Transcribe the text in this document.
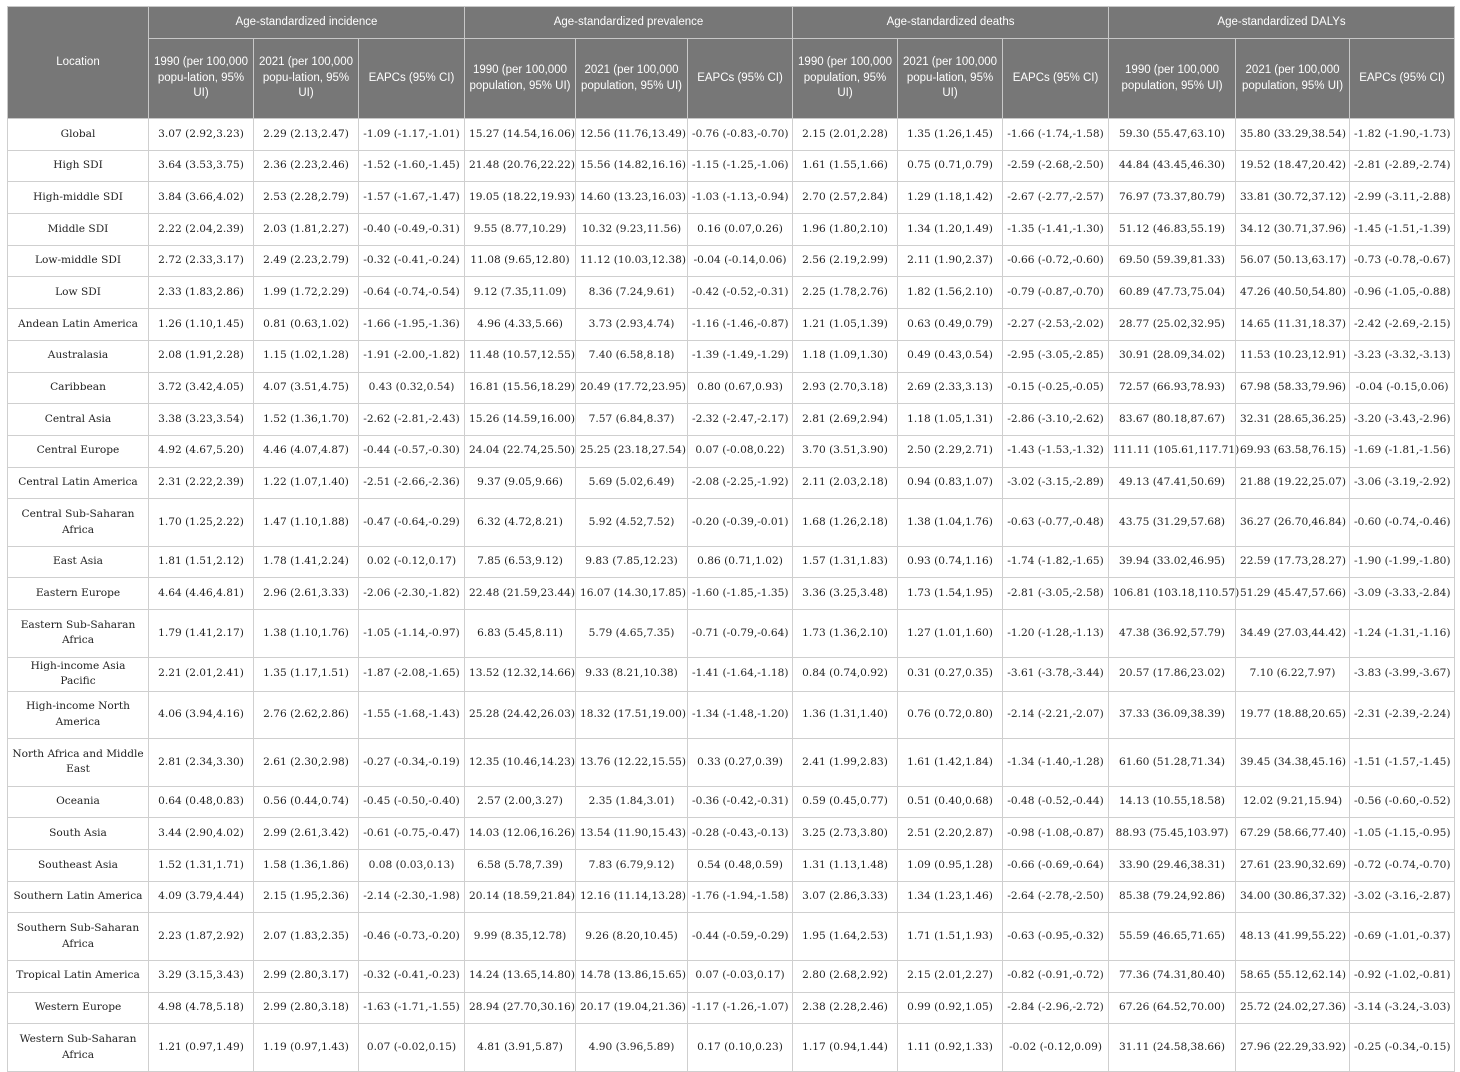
Location	Age-standardized incidence			Age-standardized prevalence			Age-standardized deaths			Age-standardized DALYs		
	1990 (per 100,000 popu-lation, 95% UI)	2021 (per 100,000 popu-lation, 95% UI)	EAPCs (95% CI)	1990 (per 100,000 population, 95% UI)	2021 (per 100,000 population, 95% UI)	EAPCs (95% CI)	1990 (per 100,000 population, 95% UI)	2021 (per 100,000 popu-lation, 95% UI)	EAPCs (95% CI)	1990 (per 100,000 population, 95% UI)	2021 (per 100,000 population, 95% UI)	EAPCs (95% CI)
Global	3.07 (2.92,3.23)	2.29 (2.13,2.47)	-1.09 (-1.17,-1.01)	15.27 (14.54,16.06)	12.56 (11.76,13.49)	-0.76 (-0.83,-0.70)	2.15 (2.01,2.28)	1.35 (1.26,1.45)	-1.66 (-1.74,-1.58)	59.30 (55.47,63.10)	35.80 (33.29,38.54)	-1.82 (-1.90,-1.73)
High SDI	3.64 (3.53,3.75)	2.36 (2.23,2.46)	-1.52 (-1.60,-1.45)	21.48 (20.76,22.22)	15.56 (14.82,16.16)	-1.15 (-1.25,-1.06)	1.61 (1.55,1.66)	0.75 (0.71,0.79)	-2.59 (-2.68,-2.50)	44.84 (43.45,46.30)	19.52 (18.47,20.42)	-2.81 (-2.89,-2.74)
High-middle SDI	3.84 (3.66,4.02)	2.53 (2.28,2.79)	-1.57 (-1.67,-1.47)	19.05 (18.22,19.93)	14.60 (13.23,16.03)	-1.03 (-1.13,-0.94)	2.70 (2.57,2.84)	1.29 (1.18,1.42)	-2.67 (-2.77,-2.57)	76.97 (73.37,80.79)	33.81 (30.72,37.12)	-2.99 (-3.11,-2.88)
Middle SDI	2.22 (2.04,2.39)	2.03 (1.81,2.27)	-0.40 (-0.49,-0.31)	9.55 (8.77,10.29)	10.32 (9.23,11.56)	0.16 (0.07,0.26)	1.96 (1.80,2.10)	1.34 (1.20,1.49)	-1.35 (-1.41,-1.30)	51.12 (46.83,55.19)	34.12 (30.71,37.96)	-1.45 (-1.51,-1.39)
Low-middle SDI	2.72 (2.33,3.17)	2.49 (2.23,2.79)	-0.32 (-0.41,-0.24)	11.08 (9.65,12.80)	11.12 (10.03,12.38)	-0.04 (-0.14,0.06)	2.56 (2.19,2.99)	2.11 (1.90,2.37)	-0.66 (-0.72,-0.60)	69.50 (59.39,81.33)	56.07 (50.13,63.17)	-0.73 (-0.78,-0.67)
Low SDI	2.33 (1.83,2.86)	1.99 (1.72,2.29)	-0.64 (-0.74,-0.54)	9.12 (7.35,11.09)	8.36 (7.24,9.61)	-0.42 (-0.52,-0.31)	2.25 (1.78,2.76)	1.82 (1.56,2.10)	-0.79 (-0.87,-0.70)	60.89 (47.73,75.04)	47.26 (40.50,54.80)	-0.96 (-1.05,-0.88)
Andean Latin America	1.26 (1.10,1.45)	0.81 (0.63,1.02)	-1.66 (-1.95,-1.36)	4.96 (4.33,5.66)	3.73 (2.93,4.74)	-1.16 (-1.46,-0.87)	1.21 (1.05,1.39)	0.63 (0.49,0.79)	-2.27 (-2.53,-2.02)	28.77 (25.02,32.95)	14.65 (11.31,18.37)	-2.42 (-2.69,-2.15)
Australasia	2.08 (1.91,2.28)	1.15 (1.02,1.28)	-1.91 (-2.00,-1.82)	11.48 (10.57,12.55)	7.40 (6.58,8.18)	-1.39 (-1.49,-1.29)	1.18 (1.09,1.30)	0.49 (0.43,0.54)	-2.95 (-3.05,-2.85)	30.91 (28.09,34.02)	11.53 (10.23,12.91)	-3.23 (-3.32,-3.13)
Caribbean	3.72 (3.42,4.05)	4.07 (3.51,4.75)	0.43 (0.32,0.54)	16.81 (15.56,18.29)	20.49 (17.72,23.95)	0.80 (0.67,0.93)	2.93 (2.70,3.18)	2.69 (2.33,3.13)	-0.15 (-0.25,-0.05)	72.57 (66.93,78.93)	67.98 (58.33,79.96)	-0.04 (-0.15,0.06)
Central Asia	3.38 (3.23,3.54)	1.52 (1.36,1.70)	-2.62 (-2.81,-2.43)	15.26 (14.59,16.00)	7.57 (6.84,8.37)	-2.32 (-2.47,-2.17)	2.81 (2.69,2.94)	1.18 (1.05,1.31)	-2.86 (-3.10,-2.62)	83.67 (80.18,87.67)	32.31 (28.65,36.25)	-3.20 (-3.43,-2.96)
Central Europe	4.92 (4.67,5.20)	4.46 (4.07,4.87)	-0.44 (-0.57,-0.30)	24.04 (22.74,25.50)	25.25 (23.18,27.54)	0.07 (-0.08,0.22)	3.70 (3.51,3.90)	2.50 (2.29,2.71)	-1.43 (-1.53,-1.32)	111.11 (105.61,117.71)	69.93 (63.58,76.15)	-1.69 (-1.81,-1.56)
Central Latin America	2.31 (2.22,2.39)	1.22 (1.07,1.40)	-2.51 (-2.66,-2.36)	9.37 (9.05,9.66)	5.69 (5.02,6.49)	-2.08 (-2.25,-1.92)	2.11 (2.03,2.18)	0.94 (0.83,1.07)	-3.02 (-3.15,-2.89)	49.13 (47.41,50.69)	21.88 (19.22,25.07)	-3.06 (-3.19,-2.92)
Central Sub-Saharan Africa	1.70 (1.25,2.22)	1.47 (1.10,1.88)	-0.47 (-0.64,-0.29)	6.32 (4.72,8.21)	5.92 (4.52,7.52)	-0.20 (-0.39,-0.01)	1.68 (1.26,2.18)	1.38 (1.04,1.76)	-0.63 (-0.77,-0.48)	43.75 (31.29,57.68)	36.27 (26.70,46.84)	-0.60 (-0.74,-0.46)
East Asia	1.81 (1.51,2.12)	1.78 (1.41,2.24)	0.02 (-0.12,0.17)	7.85 (6.53,9.12)	9.83 (7.85,12.23)	0.86 (0.71,1.02)	1.57 (1.31,1.83)	0.93 (0.74,1.16)	-1.74 (-1.82,-1.65)	39.94 (33.02,46.95)	22.59 (17.73,28.27)	-1.90 (-1.99,-1.80)
Eastern Europe	4.64 (4.46,4.81)	2.96 (2.61,3.33)	-2.06 (-2.30,-1.82)	22.48 (21.59,23.44)	16.07 (14.30,17.85)	-1.60 (-1.85,-1.35)	3.36 (3.25,3.48)	1.73 (1.54,1.95)	-2.81 (-3.05,-2.58)	106.81 (103.18,110.57)	51.29 (45.47,57.66)	-3.09 (-3.33,-2.84)
Eastern Sub-Saharan Africa	1.79 (1.41,2.17)	1.38 (1.10,1.76)	-1.05 (-1.14,-0.97)	6.83 (5.45,8.11)	5.79 (4.65,7.35)	-0.71 (-0.79,-0.64)	1.73 (1.36,2.10)	1.27 (1.01,1.60)	-1.20 (-1.28,-1.13)	47.38 (36.92,57.79)	34.49 (27.03,44.42)	-1.24 (-1.31,-1.16)
High-income Asia Pacific	2.21 (2.01,2.41)	1.35 (1.17,1.51)	-1.87 (-2.08,-1.65)	13.52 (12.32,14.66)	9.33 (8.21,10.38)	-1.41 (-1.64,-1.18)	0.84 (0.74,0.92)	0.31 (0.27,0.35)	-3.61 (-3.78,-3.44)	20.57 (17.86,23.02)	7.10 (6.22,7.97)	-3.83 (-3.99,-3.67)
High-income North America	4.06 (3.94,4.16)	2.76 (2.62,2.86)	-1.55 (-1.68,-1.43)	25.28 (24.42,26.03)	18.32 (17.51,19.00)	-1.34 (-1.48,-1.20)	1.36 (1.31,1.40)	0.76 (0.72,0.80)	-2.14 (-2.21,-2.07)	37.33 (36.09,38.39)	19.77 (18.88,20.65)	-2.31 (-2.39,-2.24)
North Africa and Middle East	2.81 (2.34,3.30)	2.61 (2.30,2.98)	-0.27 (-0.34,-0.19)	12.35 (10.46,14.23)	13.76 (12.22,15.55)	0.33 (0.27,0.39)	2.41 (1.99,2.83)	1.61 (1.42,1.84)	-1.34 (-1.40,-1.28)	61.60 (51.28,71.34)	39.45 (34.38,45.16)	-1.51 (-1.57,-1.45)
Oceania	0.64 (0.48,0.83)	0.56 (0.44,0.74)	-0.45 (-0.50,-0.40)	2.57 (2.00,3.27)	2.35 (1.84,3.01)	-0.36 (-0.42,-0.31)	0.59 (0.45,0.77)	0.51 (0.40,0.68)	-0.48 (-0.52,-0.44)	14.13 (10.55,18.58)	12.02 (9.21,15.94)	-0.56 (-0.60,-0.52)
South Asia	3.44 (2.90,4.02)	2.99 (2.61,3.42)	-0.61 (-0.75,-0.47)	14.03 (12.06,16.26)	13.54 (11.90,15.43)	-0.28 (-0.43,-0.13)	3.25 (2.73,3.80)	2.51 (2.20,2.87)	-0.98 (-1.08,-0.87)	88.93 (75.45,103.97)	67.29 (58.66,77.40)	-1.05 (-1.15,-0.95)
Southeast Asia	1.52 (1.31,1.71)	1.58 (1.36,1.86)	0.08 (0.03,0.13)	6.58 (5.78,7.39)	7.83 (6.79,9.12)	0.54 (0.48,0.59)	1.31 (1.13,1.48)	1.09 (0.95,1.28)	-0.66 (-0.69,-0.64)	33.90 (29.46,38.31)	27.61 (23.90,32.69)	-0.72 (-0.74,-0.70)
Southern Latin America	4.09 (3.79,4.44)	2.15 (1.95,2.36)	-2.14 (-2.30,-1.98)	20.14 (18.59,21.84)	12.16 (11.14,13.28)	-1.76 (-1.94,-1.58)	3.07 (2.86,3.33)	1.34 (1.23,1.46)	-2.64 (-2.78,-2.50)	85.38 (79.24,92.86)	34.00 (30.86,37.32)	-3.02 (-3.16,-2.87)
Southern Sub-Saharan Africa	2.23 (1.87,2.92)	2.07 (1.83,2.35)	-0.46 (-0.73,-0.20)	9.99 (8.35,12.78)	9.26 (8.20,10.45)	-0.44 (-0.59,-0.29)	1.95 (1.64,2.53)	1.71 (1.51,1.93)	-0.63 (-0.95,-0.32)	55.59 (46.65,71.65)	48.13 (41.99,55.22)	-0.69 (-1.01,-0.37)
Tropical Latin America	3.29 (3.15,3.43)	2.99 (2.80,3.17)	-0.32 (-0.41,-0.23)	14.24 (13.65,14.80)	14.78 (13.86,15.65)	0.07 (-0.03,0.17)	2.80 (2.68,2.92)	2.15 (2.01,2.27)	-0.82 (-0.91,-0.72)	77.36 (74.31,80.40)	58.65 (55.12,62.14)	-0.92 (-1.02,-0.81)
Western Europe	4.98 (4.78,5.18)	2.99 (2.80,3.18)	-1.63 (-1.71,-1.55)	28.94 (27.70,30.16)	20.17 (19.04,21.36)	-1.17 (-1.26,-1.07)	2.38 (2.28,2.46)	0.99 (0.92,1.05)	-2.84 (-2.96,-2.72)	67.26 (64.52,70.00)	25.72 (24.02,27.36)	-3.14 (-3.24,-3.03)
Western Sub-Saharan Africa	1.21 (0.97,1.49)	1.19 (0.97,1.43)	0.07 (-0.02,0.15)	4.81 (3.91,5.87)	4.90 (3.96,5.89)	0.17 (0.10,0.23)	1.17 (0.94,1.44)	1.11 (0.92,1.33)	-0.02 (-0.12,0.09)	31.11 (24.58,38.66)	27.96 (22.29,33.92)	-0.25 (-0.34,-0.15)
